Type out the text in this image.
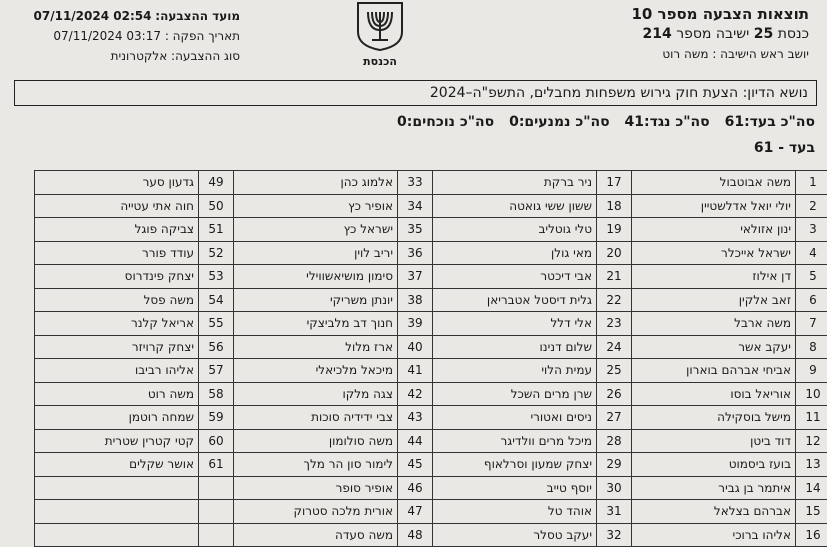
תוצאות הצבעה מספר 10
כנסת 25 ישיבה מספר 214
יושב ראש הישיבה : משה רוט
הכנסת
מועד ההצבעה: 02:54 07/11/2024
תאריך הפקה : 03:17 07/11/2024
סוג ההצבעה: אלקטרונית
נושא הדיון: הצעת חוק גירוש משפחות מחבלים, התשפ"ה–2024
סה"כ בעד:61 סה"כ נגד:41 סה"כ נמנעים:0 סה"כ נוכחים:0
בעד - 61
1	משה אבוטבול	17	ניר ברקת	33	אלמוג כהן	49	גדעון סער
2	יולי יואל אדלשטיין	18	ששון ששי גואטה	34	אופיר כץ	50	חוה אתי עטייה
3	ינון אזולאי	19	טלי גוטליב	35	ישראל כץ	51	צביקה פוגל
4	ישראל אייכלר	20	מאי גולן	36	יריב לוין	52	עודד פורר
5	דן אילוז	21	אבי דיכטר	37	סימון מושיאשווילי	53	יצחק פינדרוס
6	זאב אלקין	22	גלית דיסטל אטבריאן	38	יונתן משריקי	54	משה פסל
7	משה ארבל	23	אלי דלל	39	חנוך דב מלביצקי	55	אריאל קלנר
8	יעקב אשר	24	שלום דנינו	40	ארז מלול	56	יצחק קרויזר
9	אביחי אברהם בוארון	25	עמית הלוי	41	מיכאל מלכיאלי	57	אליהו רביבו
10	אוריאל בוסו	26	שרן מרים השכל	42	צגה מלקו	58	משה רוט
11	מישל בוסקילה	27	ניסים ואטורי	43	צבי ידידיה סוכות	59	שמחה רוטמן
12	דוד ביטן	28	מיכל מרים וולדיגר	44	משה סולומון	60	קטי קטרין שטרית
13	בועז ביסמוט	29	יצחק שמעון וסרלאוף	45	לימור סון הר מלך	61	אושר שקלים
14	איתמר בן גביר	30	יוסף טייב	46	אופיר סופר		
15	אברהם בצלאל	31	אוהד טל	47	אורית מלכה סטרוק		
16	אליהו ברוכי	32	יעקב טסלר	48	משה סעדה		
